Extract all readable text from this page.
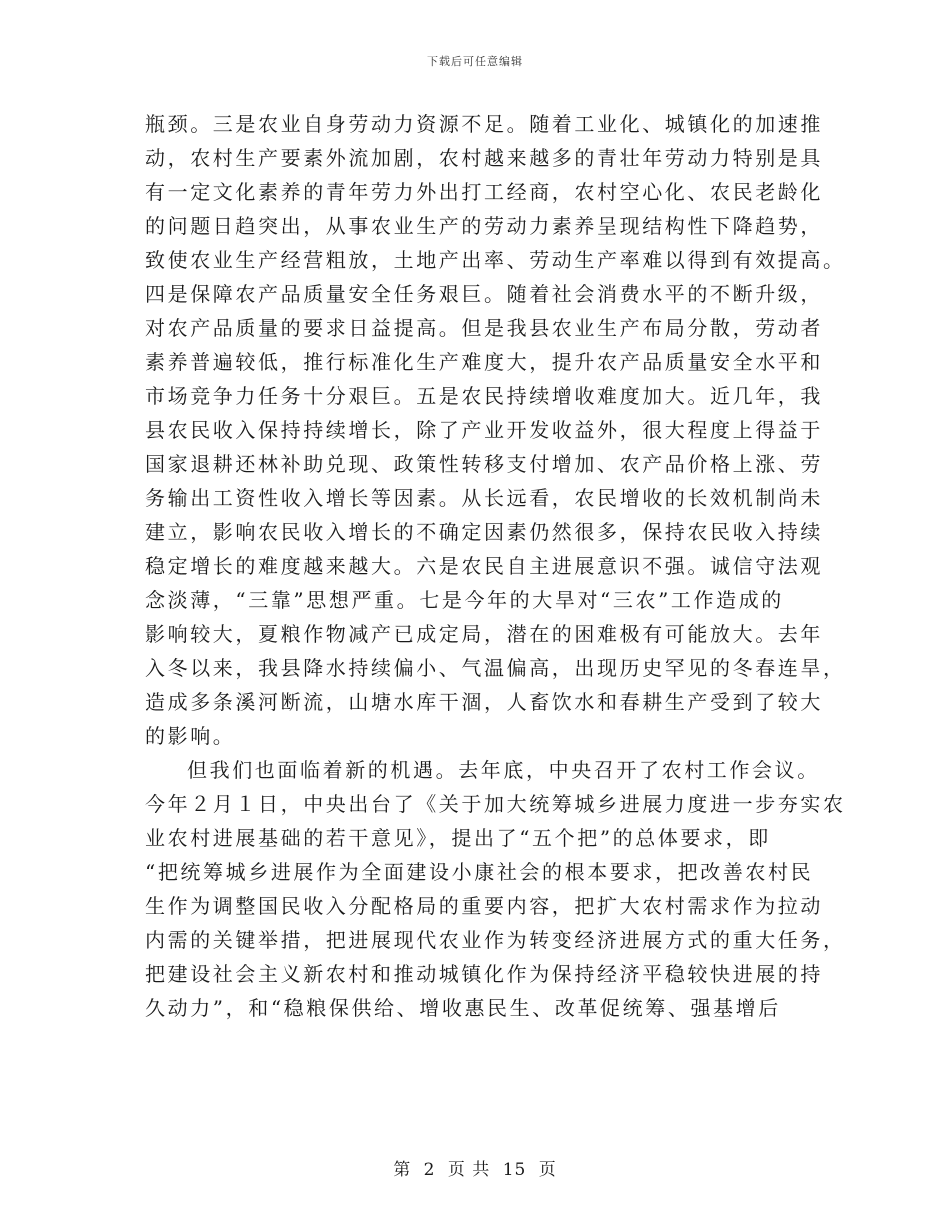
下载后可任意编辑
瓶颈。三是农业自身劳动力资源不足。随着工业化、城镇化的加速推
动，农村生产要素外流加剧，农村越来越多的青壮年劳动力特别是具
有一定文化素养的青年劳力外出打工经商，农村空心化、农民老龄化
的问题日趋突出，从事农业生产的劳动力素养呈现结构性下降趋势，
致使农业生产经营粗放，土地产出率、劳动生产率难以得到有效提高。
四是保障农产品质量安全任务艰巨。随着社会消费水平的不断升级，
对农产品质量的要求日益提高。但是我县农业生产布局分散，劳动者
素养普遍较低，推行标准化生产难度大，提升农产品质量安全水平和
市场竞争力任务十分艰巨。五是农民持续增收难度加大。近几年，我
县农民收入保持持续增长，除了产业开发收益外，很大程度上得益于
国家退耕还林补助兑现、政策性转移支付增加、农产品价格上涨、劳
务输出工资性收入增长等因素。从长远看，农民增收的长效机制尚未
建立，影响农民收入增长的不确定因素仍然很多，保持农民收入持续
稳定增长的难度越来越大。六是农民自主进展意识不强。诚信守法观
念淡薄，“三靠”思想严重。七是今年的大旱对“三农”工作造成的
影响较大，夏粮作物减产已成定局，潜在的困难极有可能放大。去年
入冬以来，我县降水持续偏小、气温偏高，出现历史罕见的冬春连旱，
造成多条溪河断流，山塘水库干涸，人畜饮水和春耕生产受到了较大
的影响。
但我们也面临着新的机遇。去年底，中央召开了农村工作会议。
今年２月１日，中央出台了《关于加大统筹城乡进展力度进一步夯实农
业农村进展基础的若干意见》，提出了“五个把”的总体要求，即
“把统筹城乡进展作为全面建设小康社会的根本要求，把改善农村民
生作为调整国民收入分配格局的重要内容，把扩大农村需求作为拉动
内需的关键举措，把进展现代农业作为转变经济进展方式的重大任务，
把建设社会主义新农村和推动城镇化作为保持经济平稳较快进展的持
久动力”，和“稳粮保供给、增收惠民生、改革促统筹、强基增后
第 2 页 共 15 页
